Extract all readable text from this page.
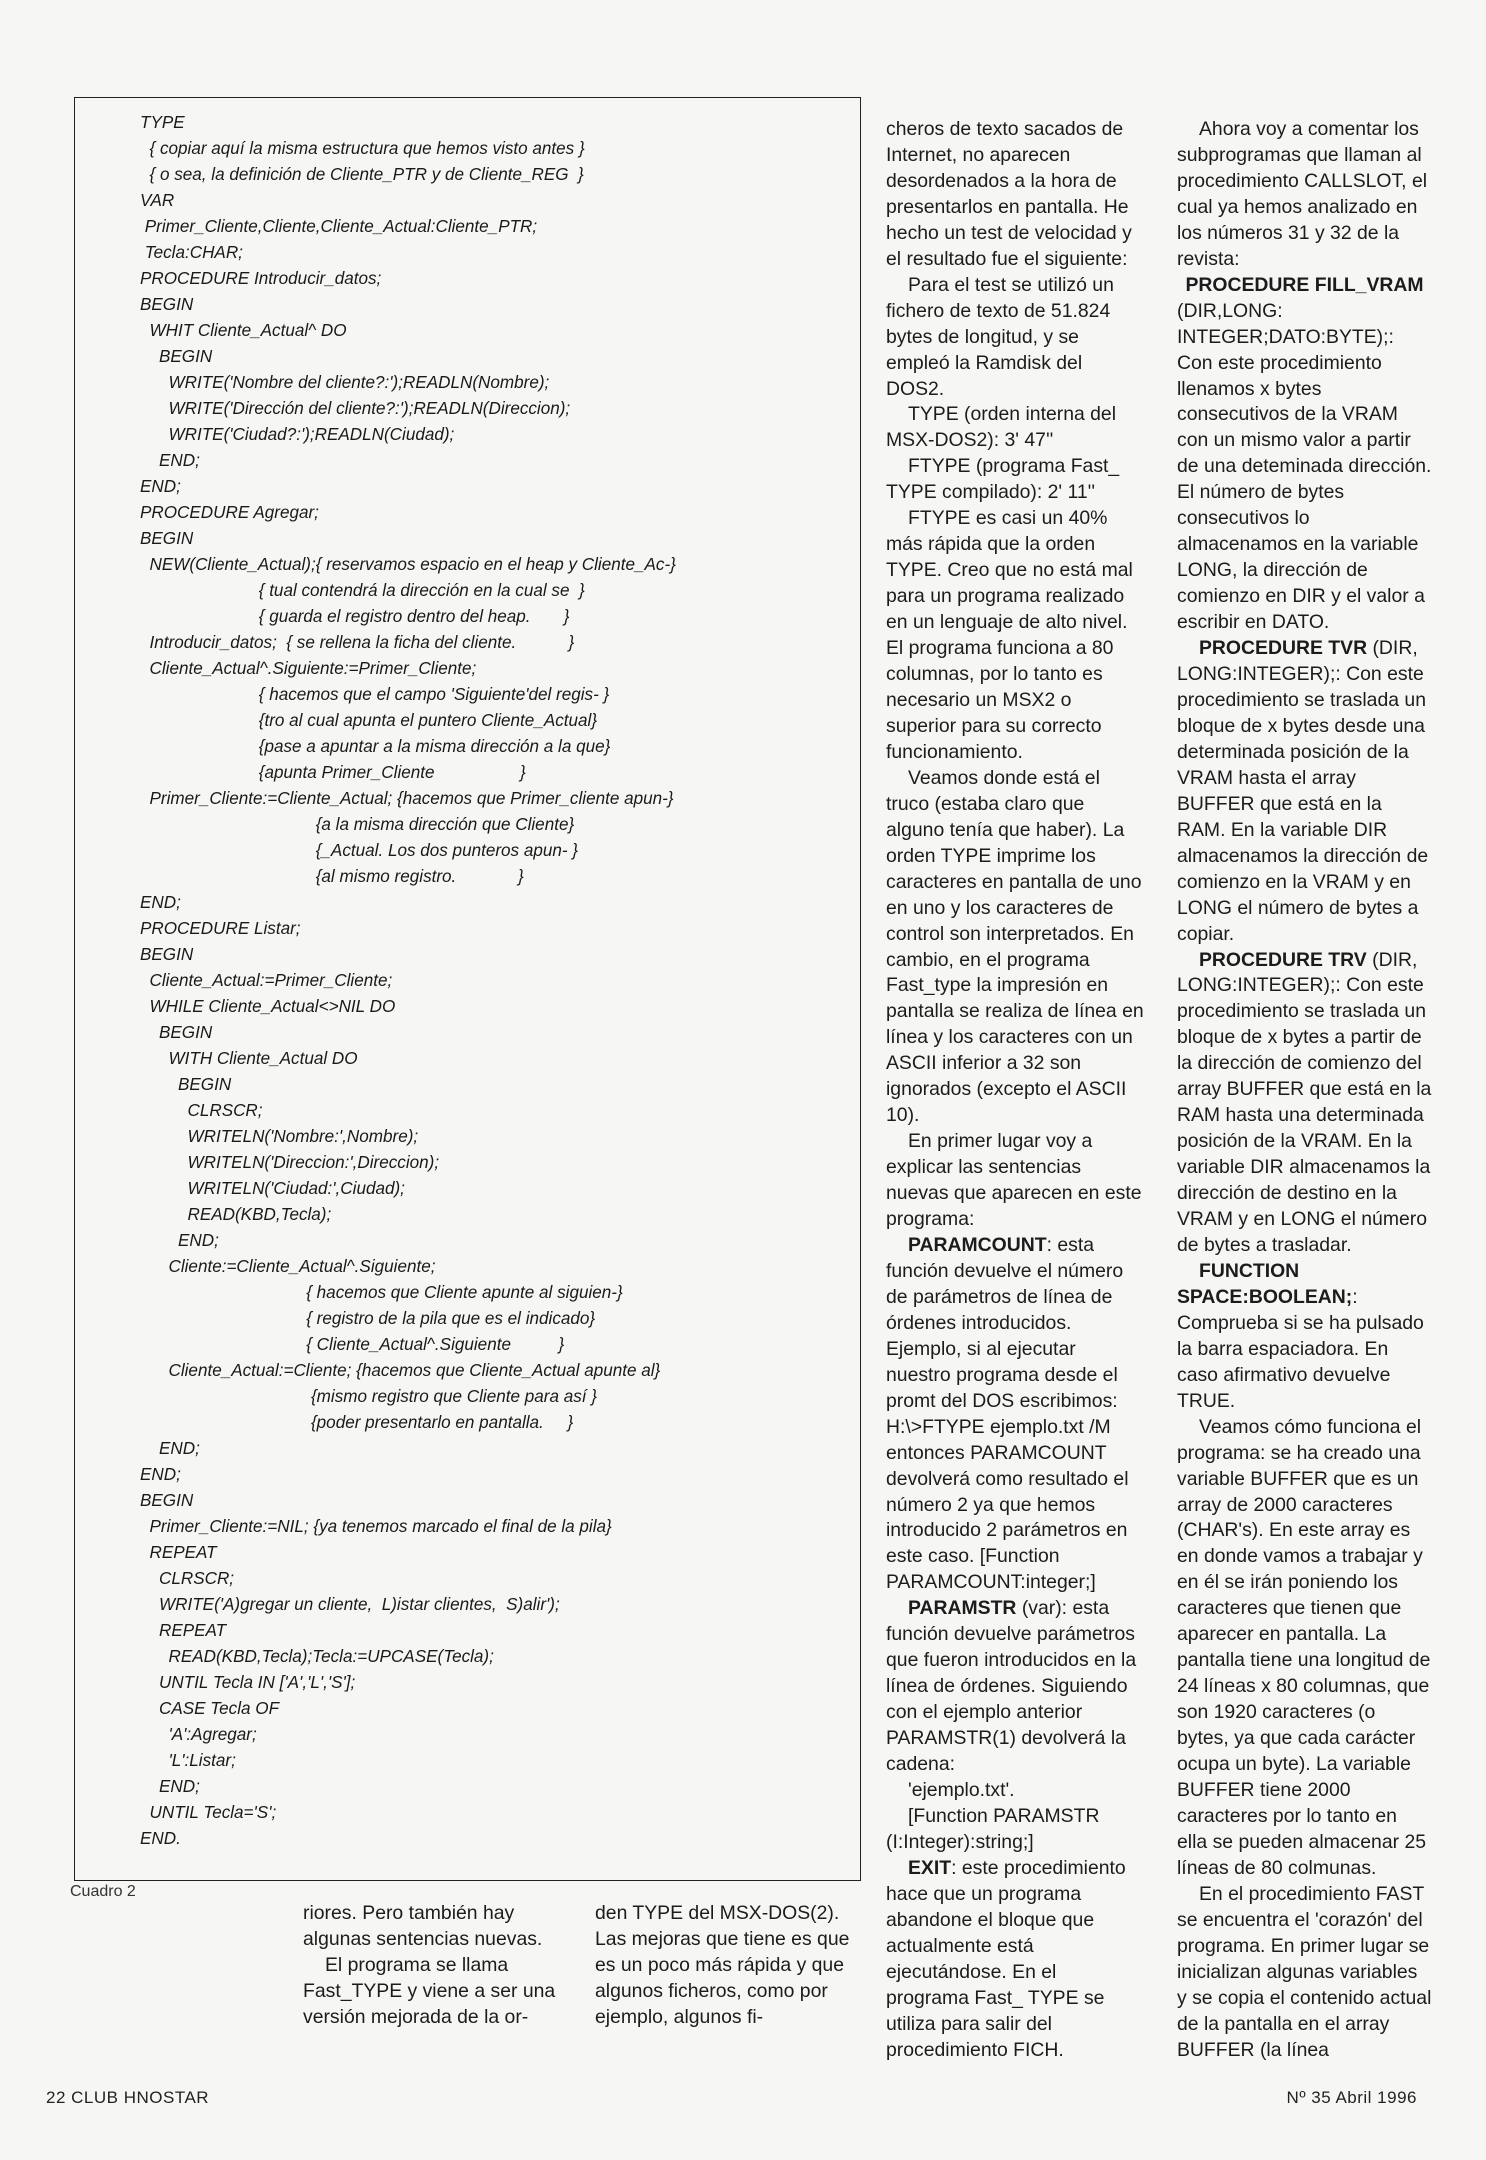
TYPE
{ copiar aquí la misma estructura que hemos visto antes }
{ o sea, la definición de Cliente_PTR y de Cliente_REG  }
VAR
Primer_Cliente,Cliente,Cliente_Actual:Cliente_PTR;
Tecla:CHAR;
PROCEDURE Introducir_datos;
BEGIN
WHIT Cliente_Actual^ DO
BEGIN
WRITE('Nombre del cliente?:');READLN(Nombre);
WRITE('Dirección del cliente?:');READLN(Direccion);
WRITE('Ciudad?:');READLN(Ciudad);
END;
END;
PROCEDURE Agregar;
BEGIN
NEW(Cliente_Actual);{ reservamos espacio en el heap y Cliente_Ac-}
{ tual contendrá la dirección en la cual se  }
{ guarda el registro dentro del heap.       }
Introducir_datos;  { se rellena la ficha del cliente.           }
Cliente_Actual^.Siguiente:=Primer_Cliente;
{ hacemos que el campo 'Siguiente'del regis- }
{tro al cual apunta el puntero Cliente_Actual}
{pase a apuntar a la misma dirección a la que}
{apunta Primer_Cliente                  }
Primer_Cliente:=Cliente_Actual; {hacemos que Primer_cliente apun-}
{a la misma dirección que Cliente}
{_Actual. Los dos punteros apun- }
{al mismo registro.             }
END;
PROCEDURE Listar;
BEGIN
Cliente_Actual:=Primer_Cliente;
WHILE Cliente_Actual<>NIL DO
BEGIN
WITH Cliente_Actual DO
BEGIN
CLRSCR;
WRITELN('Nombre:',Nombre);
WRITELN('Direccion:',Direccion);
WRITELN('Ciudad:',Ciudad);
READ(KBD,Tecla);
END;
Cliente:=Cliente_Actual^.Siguiente;
{ hacemos que Cliente apunte al siguien-}
{ registro de la pila que es el indicado}
{ Cliente_Actual^.Siguiente          }
Cliente_Actual:=Cliente; {hacemos que Cliente_Actual apunte al}
{mismo registro que Cliente para así }
{poder presentarlo en pantalla.     }
END;
END;
BEGIN
Primer_Cliente:=NIL; {ya tenemos marcado el final de la pila}
REPEAT
CLRSCR;
WRITE('A)gregar un cliente,  L)istar clientes,  S)alir');
REPEAT
READ(KBD,Tecla);Tecla:=UPCASE(Tecla);
UNTIL Tecla IN ['A','L','S'];
CASE Tecla OF
'A':Agregar;
'L':Listar;
END;
UNTIL Tecla='S';
END.
Cuadro 2

riores. Pero también hay algunas sentencias nuevas.

El programa se llama Fast_TYPE y viene a ser una versión mejorada de la or-

den TYPE del MSX-DOS(2). Las mejoras que tiene es que es un poco más rápida y que algunos ficheros, como por ejemplo, algunos fi-

cheros de texto sacados de Internet, no aparecen desordenados a la hora de presentarlos en pantalla. He hecho un test de velocidad y el resultado fue el siguiente:

Para el test se utilizó un fichero de texto de 51.824 bytes de longitud, y se empleó la Ramdisk del DOS2.

TYPE (orden interna del MSX-DOS2): 3' 47''

FTYPE (programa Fast_ TYPE compilado): 2' 11''

FTYPE es casi un 40% más rápida que la orden TYPE. Creo que no está mal para un programa realizado en un lenguaje de alto nivel. El programa funciona a 80 columnas, por lo tanto es necesario un MSX2 o superior para su correcto funcionamiento.

Veamos donde está el truco (estaba claro que alguno tenía que haber). La orden TYPE imprime los caracteres en pantalla de uno en uno y los caracteres de control son interpretados. En cambio, en el programa Fast_type la impresión en pantalla se realiza de línea en línea y los caracteres con un ASCII inferior a 32 son ignorados (excepto el ASCII 10).

En primer lugar voy a explicar las sentencias nuevas que aparecen en este programa:

PARAMCOUNT: esta función devuelve el número de parámetros de línea de órdenes introducidos. Ejemplo, si al ejecutar nuestro programa desde el promt del DOS escribimos:

H:\>FTYPE ejemplo.txt /M

entonces PARAMCOUNT devolverá como resultado el número 2 ya que hemos introducido 2 parámetros en este caso. [Function PARAMCOUNT:integer;]

PARAMSTR (var): esta función devuelve parámetros que fueron introducidos en la línea de órdenes. Siguiendo con el ejemplo anterior PARAMSTR(1) devolverá la cadena:

'ejemplo.txt'.

[Function PARAMSTR (I:Integer):string;]

EXIT: este procedimiento hace que un programa abandone el bloque que actualmente está ejecutándose. En el programa Fast_ TYPE se utiliza para salir del procedimiento FICH.

Ahora voy a comentar los subprogramas que llaman al procedimiento CALLSLOT, el cual ya hemos analizado en los números 31 y 32 de la revista:

PROCEDURE FILL_VRAM

(DIR,LONG: INTEGER;DATO:BYTE);: Con este procedimiento llenamos x bytes consecutivos de la VRAM con un mismo valor a partir de una deteminada dirección. El número de bytes consecutivos lo almacenamos en la variable LONG, la dirección de comienzo en DIR y el valor a escribir en DATO.

PROCEDURE TVR (DIR, LONG:INTEGER);: Con este procedimiento se traslada un bloque de x bytes desde una determinada posición de la VRAM hasta el array BUFFER que está en la RAM. En la variable DIR almacenamos la dirección de comienzo en la VRAM y en LONG el número de bytes a copiar.

PROCEDURE TRV (DIR, LONG:INTEGER);: Con este procedimiento se traslada un bloque de x bytes a partir de la dirección de comienzo del array BUFFER que está en la RAM hasta una determinada posición de la VRAM. En la variable DIR almacenamos la dirección de destino en la VRAM y en LONG el número de bytes a trasladar.

FUNCTION SPACE:BOOLEAN;: Comprueba si se ha pulsado la barra espaciadora. En caso afirmativo devuelve TRUE.

Veamos cómo funciona el programa: se ha creado una variable BUFFER que es un array de 2000 caracteres (CHAR's). En este array es en donde vamos a trabajar y en él se irán poniendo los caracteres que tienen que aparecer en pantalla. La pantalla tiene una longitud de 24 líneas x 80 columnas, que son 1920 caracteres (o bytes, ya que cada carácter ocupa un byte). La variable BUFFER tiene 2000 caracteres por lo tanto en ella se pueden almacenar 25 líneas de 80 colmunas.

En el procedimiento FAST se encuentra el 'corazón' del programa. En primer lugar se inicializan algunas variables y se copia el contenido actual de la pantalla en el array BUFFER (la línea

22 CLUB HNOSTAR	Nº 35 Abril 1996
